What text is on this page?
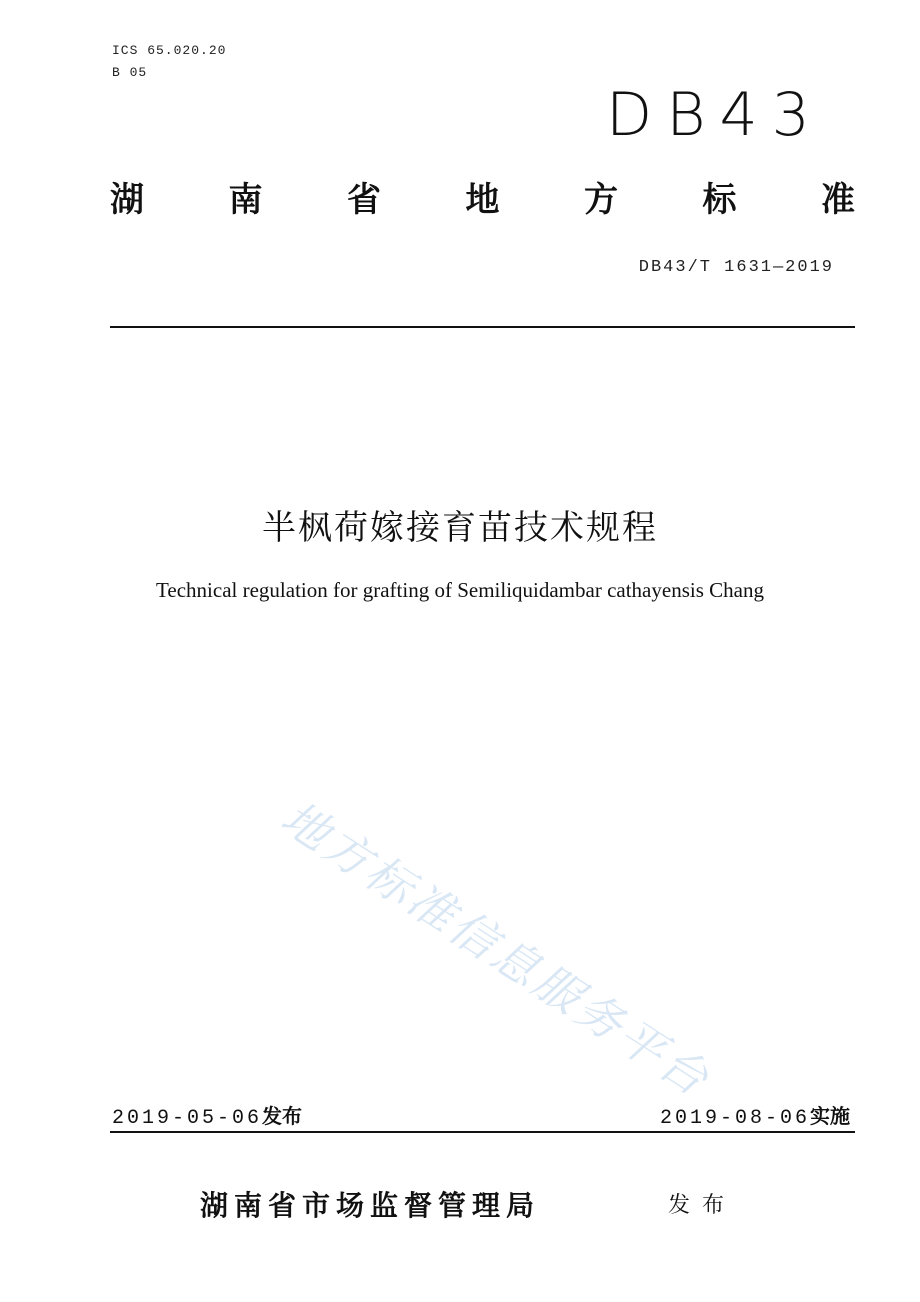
ICS 65.020.20
B 05
DB43
湖 南 省 地 方 标 准
DB43/T 1631—2019
半枫荷嫁接育苗技术规程
Technical regulation for grafting of Semiliquidambar cathayensis Chang
地方标准信息服务平台
2019-05-06发布	2019-08-06实施
湖南省市场监督管理局	发布
